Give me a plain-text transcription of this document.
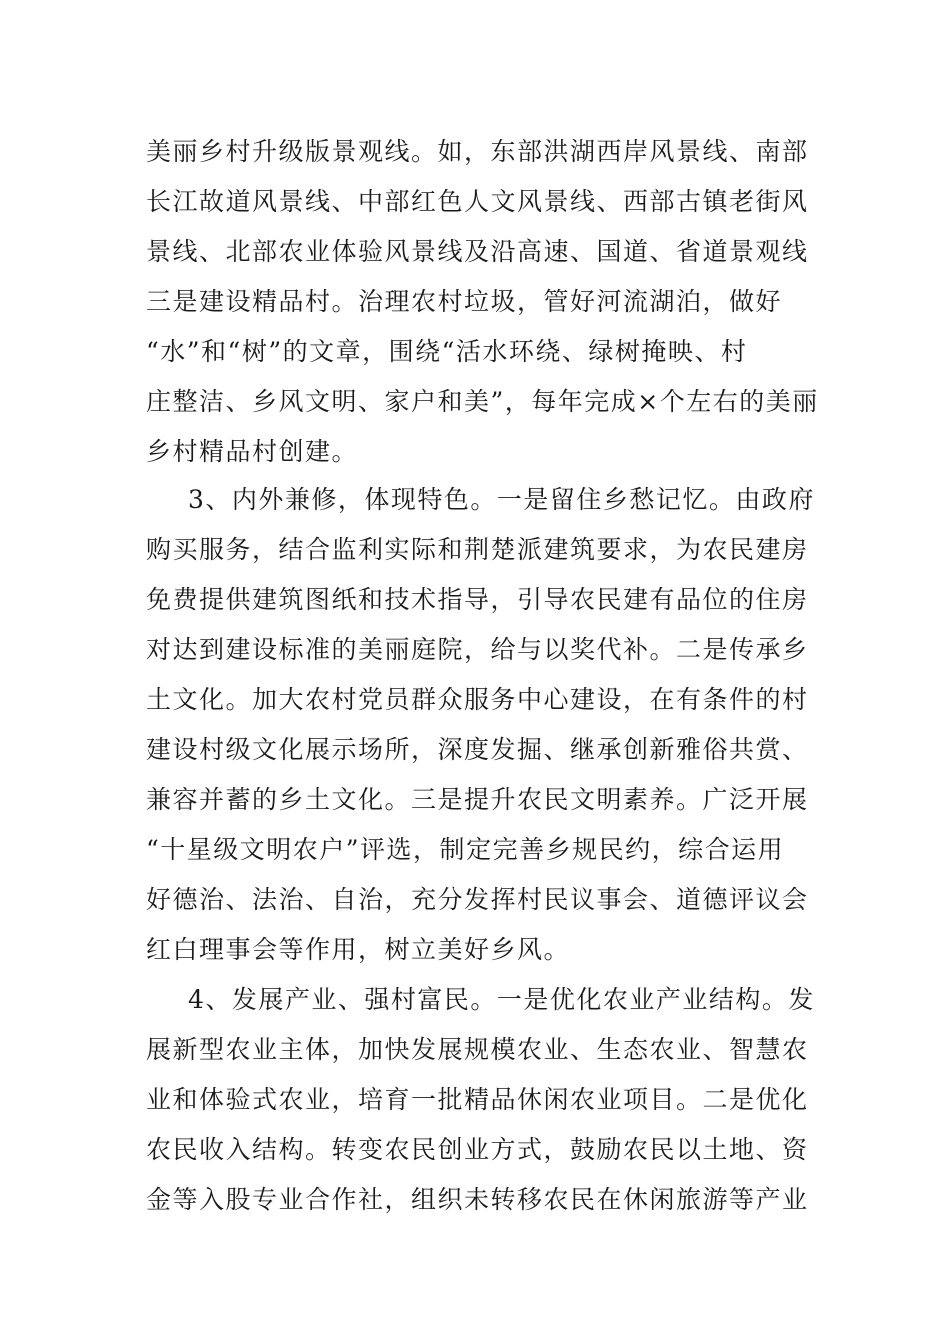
美丽乡村升级版景观线。如，东部洪湖西岸风景线、南部
长江故道风景线、中部红色人文风景线、西部古镇老街风
景线、北部农业体验风景线及沿高速、国道、省道景观线
三是建设精品村。治理农村垃圾，管好河流湖泊，做好
“水”和“树”的文章，围绕“活水环绕、绿树掩映、村
庄整洁、乡风文明、家户和美”，每年完成×个左右的美丽
乡村精品村创建。
3、内外兼修，体现特色。一是留住乡愁记忆。由政府
购买服务，结合监利实际和荆楚派建筑要求，为农民建房
免费提供建筑图纸和技术指导，引导农民建有品位的住房
对达到建设标准的美丽庭院，给与以奖代补。二是传承乡
土文化。加大农村党员群众服务中心建设，在有条件的村
建设村级文化展示场所，深度发掘、继承创新雅俗共赏、
兼容并蓄的乡土文化。三是提升农民文明素养。广泛开展
“十星级文明农户”评选，制定完善乡规民约，综合运用
好德治、法治、自治，充分发挥村民议事会、道德评议会
红白理事会等作用，树立美好乡风。
4、发展产业、强村富民。一是优化农业产业结构。发
展新型农业主体，加快发展规模农业、生态农业、智慧农
业和体验式农业，培育一批精品休闲农业项目。二是优化
农民收入结构。转变农民创业方式，鼓励农民以土地、资
金等入股专业合作社，组织未转移农民在休闲旅游等产业
